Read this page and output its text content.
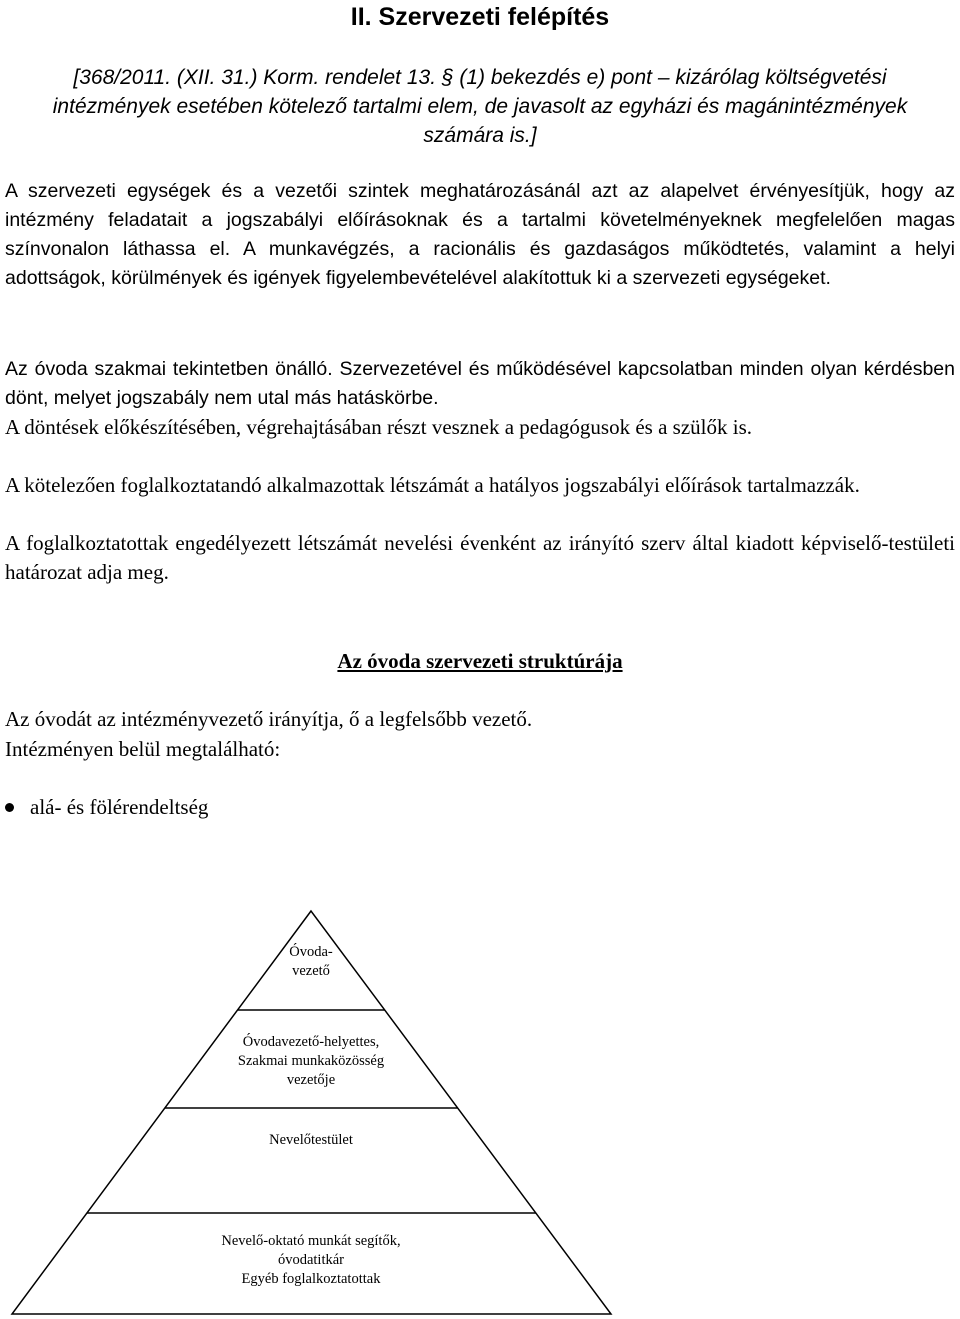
II. Szervezeti felépítés
[368/2011. (XII. 31.) Korm. rendelet 13. § (1) bekezdés e) pont – kizárólag költségvetési
intézmények esetében kötelező tartalmi elem, de javasolt az egyházi és magánintézmények
számára is.]
A szervezeti egységek és a vezetői szintek meghatározásánál azt az alapelvet érvényesítjük, hogy az intézmény feladatait a jogszabályi előírásoknak és a tartalmi követelményeknek megfelelően magas színvonalon láthassa el. A munkavégzés, a racionális és gazdaságos működtetés, valamint a helyi adottságok, körülmények és igények figyelembevételével alakítottuk ki a szervezeti egységeket.
Az óvoda szakmai tekintetben önálló. Szervezetével és működésével kapcsolatban minden olyan kérdésben dönt, melyet jogszabály nem utal más hatáskörbe.
A döntések előkészítésében, végrehajtásában részt vesznek a pedagógusok és a szülők is.
A kötelezően foglalkoztatandó alkalmazottak létszámát a hatályos jogszabályi előírások tartalmazzák.
A foglalkoztatottak engedélyezett létszámát nevelési évenként az irányító szerv által kiadott képviselő-testületi határozat adja meg.
Az óvoda szervezeti struktúrája
Az óvodát az intézményvezető irányítja, ő a legfelsőbb vezető.
Intézményen belül megtalálható:
alá- és fölérendeltség
Óvoda-
vezető
Óvodavezető-helyettes,
Szakmai munkaközösség
vezetője
Nevelőtestület
Nevelő-oktató munkát segítők,
óvodatitkár
Egyéb foglalkoztatottak
